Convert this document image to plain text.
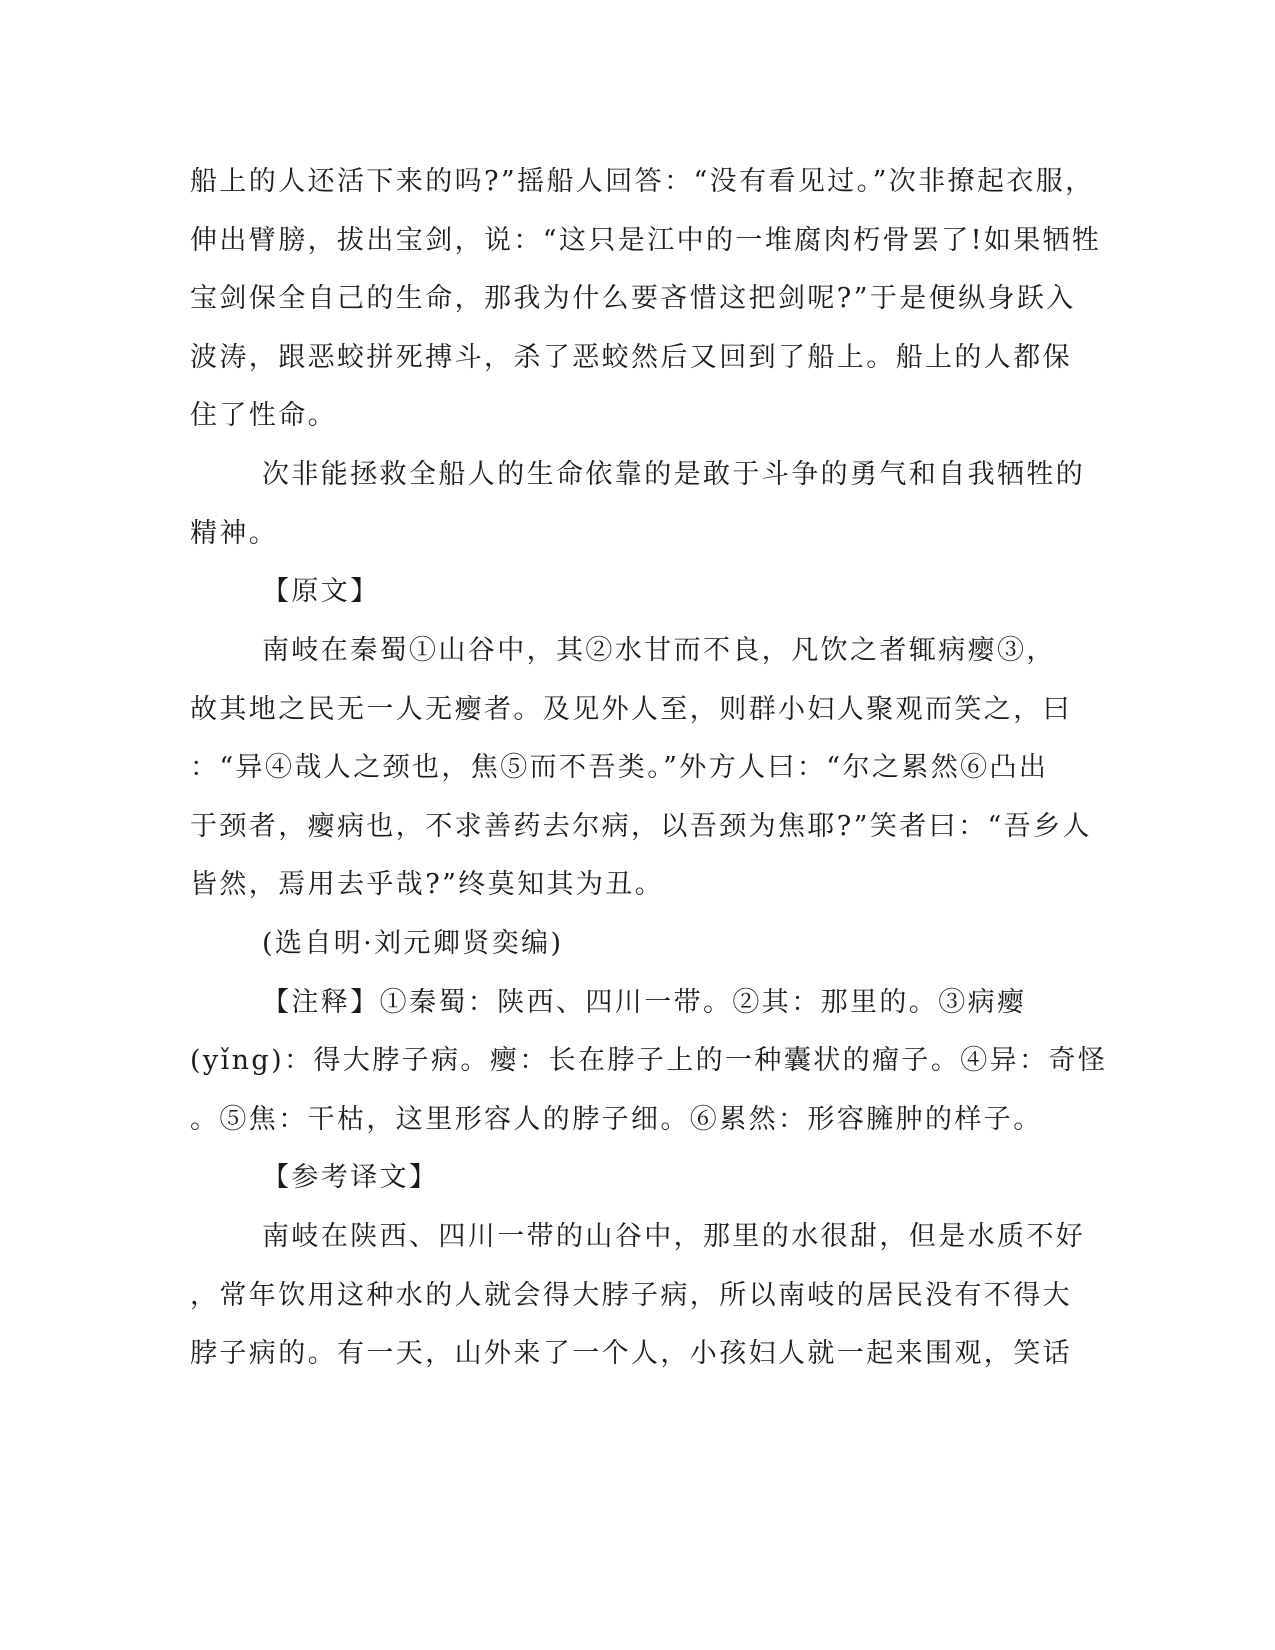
船上的人还活下来的吗?”摇船人回答：“没有看见过。”次非撩起衣服，
伸出臂膀，拔出宝剑，说：“这只是江中的一堆腐肉朽骨罢了!如果牺牲
宝剑保全自己的生命，那我为什么要吝惜这把剑呢?”于是便纵身跃入
波涛，跟恶蛟拼死搏斗，杀了恶蛟然后又回到了船上。船上的人都保
住了性命。
次非能拯救全船人的生命依靠的是敢于斗争的勇气和自我牺牲的
精神。
【原文】
南岐在秦蜀①山谷中，其②水甘而不良，凡饮之者辄病瘿③，
故其地之民无一人无瘿者。及见外人至，则群小妇人聚观而笑之，曰
：“异④哉人之颈也，焦⑤而不吾类。”外方人曰：“尔之累然⑥凸出
于颈者，瘿病也，不求善药去尔病，以吾颈为焦耶?”笑者曰：“吾乡人
皆然，焉用去乎哉?”终莫知其为丑。
(选自明·刘元卿贤奕编)
【注释】①秦蜀：陕西、四川一带。②其：那里的。③病瘿
(yǐng)：得大脖子病。瘿：长在脖子上的一种囊状的瘤子。④异：奇怪
。⑤焦：干枯，这里形容人的脖子细。⑥累然：形容臃肿的样子。
【参考译文】
南岐在陕西、四川一带的山谷中，那里的水很甜，但是水质不好
，常年饮用这种水的人就会得大脖子病，所以南岐的居民没有不得大
脖子病的。有一天，山外来了一个人，小孩妇人就一起来围观，笑话
